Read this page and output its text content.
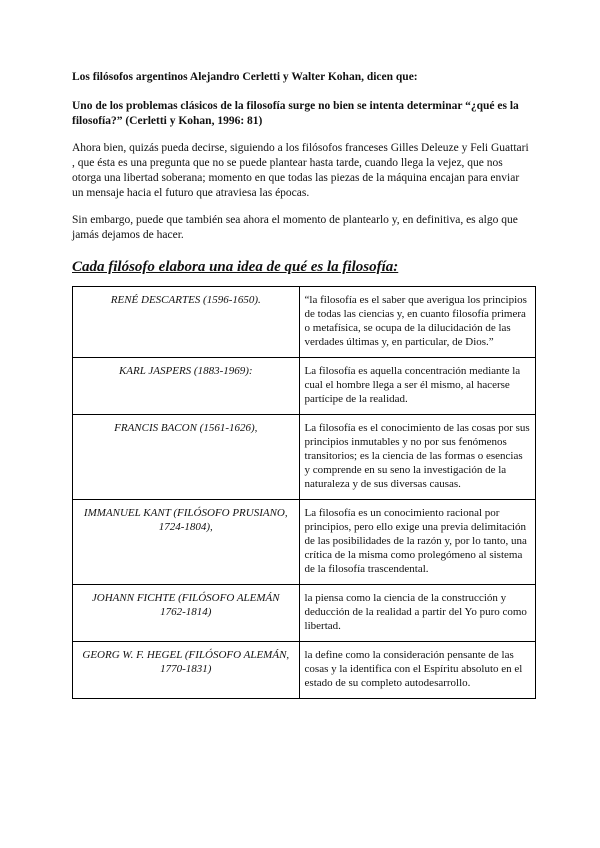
Los filósofos argentinos Alejandro Cerletti y Walter Kohan, dicen que:

Uno de los problemas clásicos de la filosofía surge no bien se intenta determinar “¿qué es la filosofía?” (Cerletti y Kohan, 1996: 81)

Ahora bien, quizás pueda decirse, siguiendo a los filósofos franceses Gilles Deleuze y Feli Guattari , que ésta es una pregunta que no se puede plantear hasta tarde, cuando llega la vejez, que nos otorga una libertad soberana; momento en que todas las piezas de la máquina encajan para enviar un mensaje hacia el futuro que atraviesa las épocas.

Sin embargo, puede que también sea ahora el momento de plantearlo y, en definitiva, es algo que jamás dejamos de hacer.

Cada filósofo elabora una idea de qué es la filosofía:

RENÉ DESCARTES (1596-1650).	“la filosofía es el saber que averigua los principios de todas las ciencias y, en cuanto filosofía primera o metafísica, se ocupa de la dilucidación de las verdades últimas y, en particular, de Dios.”
KARL JASPERS (1883-1969):	La filosofía es aquella concentración mediante la cual el hombre llega a ser él mismo, al hacerse partícipe de la realidad.
FRANCIS BACON (1561-1626),	La filosofía es el conocimiento de las cosas por sus principios inmutables y no por sus fenómenos transitorios; es la ciencia de las formas o esencias y comprende en su seno la investigación de la naturaleza y de sus diversas causas.
IMMANUEL KANT (FILÓSOFO PRUSIANO, 1724-1804),	La filosofía es un conocimiento racional por principios, pero ello exige una previa delimitación de las posibilidades de la razón y, por lo tanto, una crítica de la misma como prolegómeno al sistema de la filosofía trascendental.

JOHANN FICHTE (FILÓSOFO ALEMÁN
1762-1814)	la piensa como la ciencia de la construcción y deducción de la realidad a partir del Yo puro como libertad.
GEORG W. F. HEGEL (FILÓSOFO ALEMÁN, 1770-1831)	la define como la consideración pensante de las cosas y la identifica con el Espíritu absoluto en el estado de su completo autodesarrollo.
